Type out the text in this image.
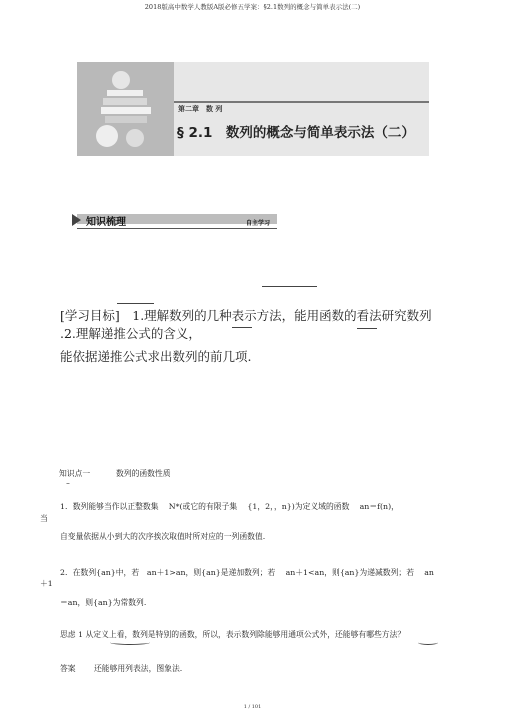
2018版高中数学人教版A版必修五学案：§2.1数列的概念与简单表示法(二)
第二章　数 列
§ 2.1　数列的概念与简单表示法（二）
知识梳理	自主学习
[学习目标]　1.理解数列的几种表示方法，能用函数的看法研究数列
.2.理解递推公式的含义，
能依据递推公式求出数列的前几项.
知识点一	数列的函数性质
⌣
1．数列能够当作以正整数集　 N*(或它的有限子集　 {1，2，，n})为定义域的函数　 an＝f(n)，
当
自变量依据从小到大的次序挨次取值时所对应的一列函数值.
2．在数列{an}中，若　an＋1>an，则{an}是递加数列；若　 an＋1<an，则{an}为递减数列；若　 an
＋1
＝an，则{an}为常数列.
思虑 1 从定义上看，数列是特别的函数，所以，表示数列除能够用通项公式外，还能够有哪些方法？
答案 还能够用列表法，图象法.
1 / 101
